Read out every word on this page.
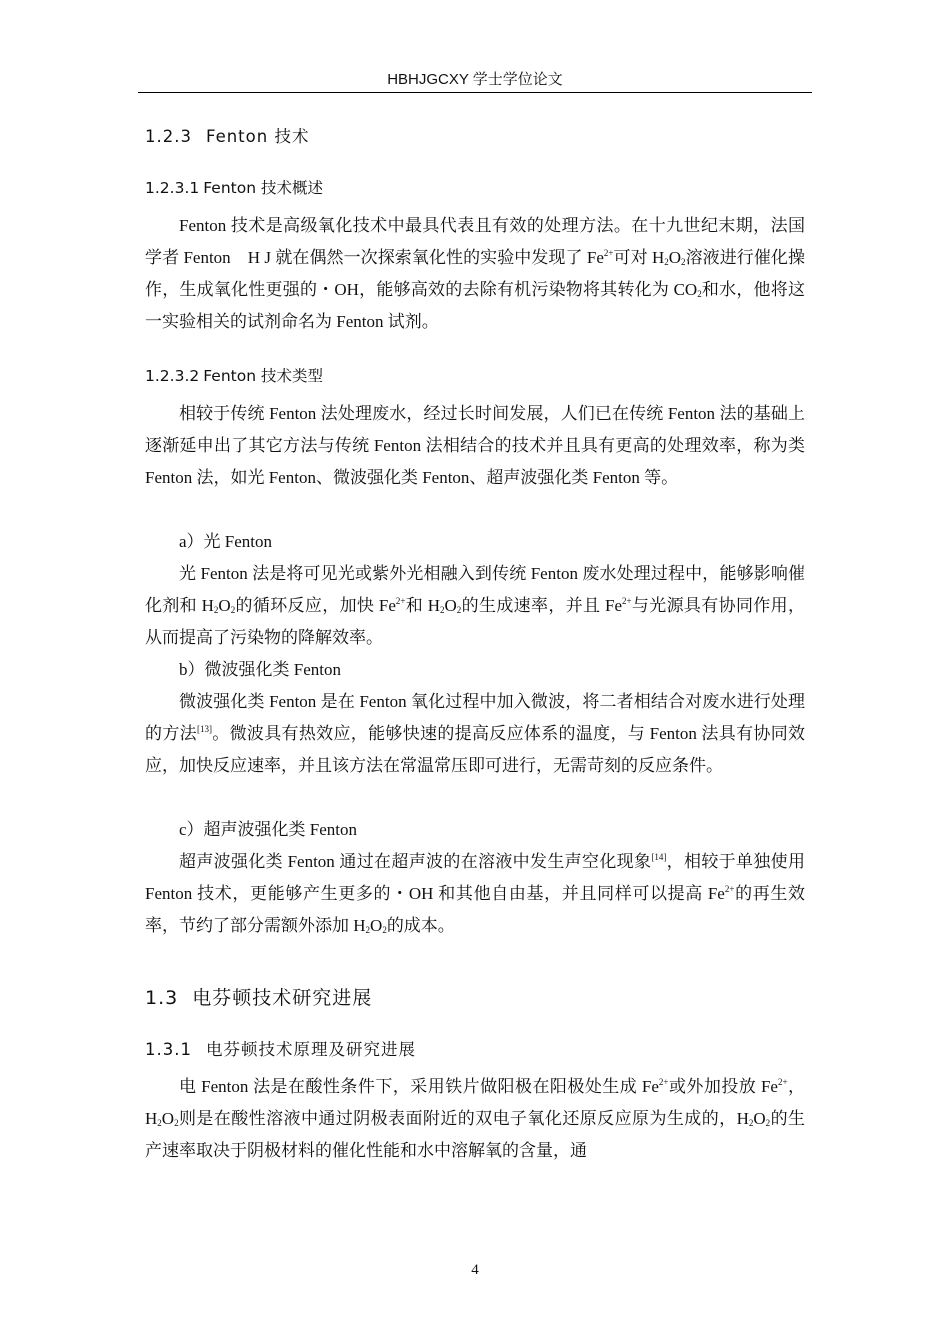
HBHJGCXY 学士学位论文
1.2.3 Fenton 技术
1.2.3.1 Fenton 技术概述
Fenton 技术是高级氧化技术中最具代表且有效的处理方法。在十九世纪末期，法国学者 Fenton　H J 就在偶然一次探索氧化性的实验中发现了 $Fe^{2+}$可对 $H_2O_2$溶液进行催化操作，生成氧化性更强的・OH，能够高效的去除有机污染物将其转化为 $CO_2$和水，他将这一实验相关的试剂命名为 Fenton 试剂。
1.2.3.2 Fenton 技术类型
相较于传统 Fenton 法处理废水，经过长时间发展，人们已在传统 Fenton 法的基础上逐渐延申出了其它方法与传统 Fenton 法相结合的技术并且具有更高的处理效率，称为类 Fenton 法，如光 Fenton、微波强化类 Fenton、超声波强化类 Fenton 等。
a）光 Fenton
光 Fenton 法是将可见光或紫外光相融入到传统 Fenton 废水处理过程中，能够影响催化剂和 $H_2O_2$的循环反应，加快 $Fe^{2+}$和 $H_2O_2$的生成速率，并且 $Fe^{2+}$与光源具有协同作用，从而提高了污染物的降解效率。
b）微波强化类 Fenton
微波强化类 Fenton 是在 Fenton 氧化过程中加入微波，将二者相结合对废水进行处理的方法[13]。微波具有热效应，能够快速的提高反应体系的温度，与 Fenton 法具有协同效应，加快反应速率，并且该方法在常温常压即可进行，无需苛刻的反应条件。
c）超声波强化类 Fenton
超声波强化类 Fenton 通过在超声波的在溶液中发生声空化现象[14]，相较于单独使用 Fenton 技术，更能够产生更多的・OH 和其他自由基，并且同样可以提高 $Fe^{2+}$的再生效率，节约了部分需额外添加 $H_2O_2$的成本。
1.3 电芬顿技术研究进展
1.3.1 电芬顿技术原理及研究进展
电 Fenton 法是在酸性条件下，采用铁片做阳极在阳极处生成 $Fe^{2+}$或外加投放 $Fe^{2+}$，$H_2O_2$则是在酸性溶液中通过阴极表面附近的双电子氧化还原反应原为生成的，$H_2O_2$的生产速率取决于阴极材料的催化性能和水中溶解氧的含量，通
4
